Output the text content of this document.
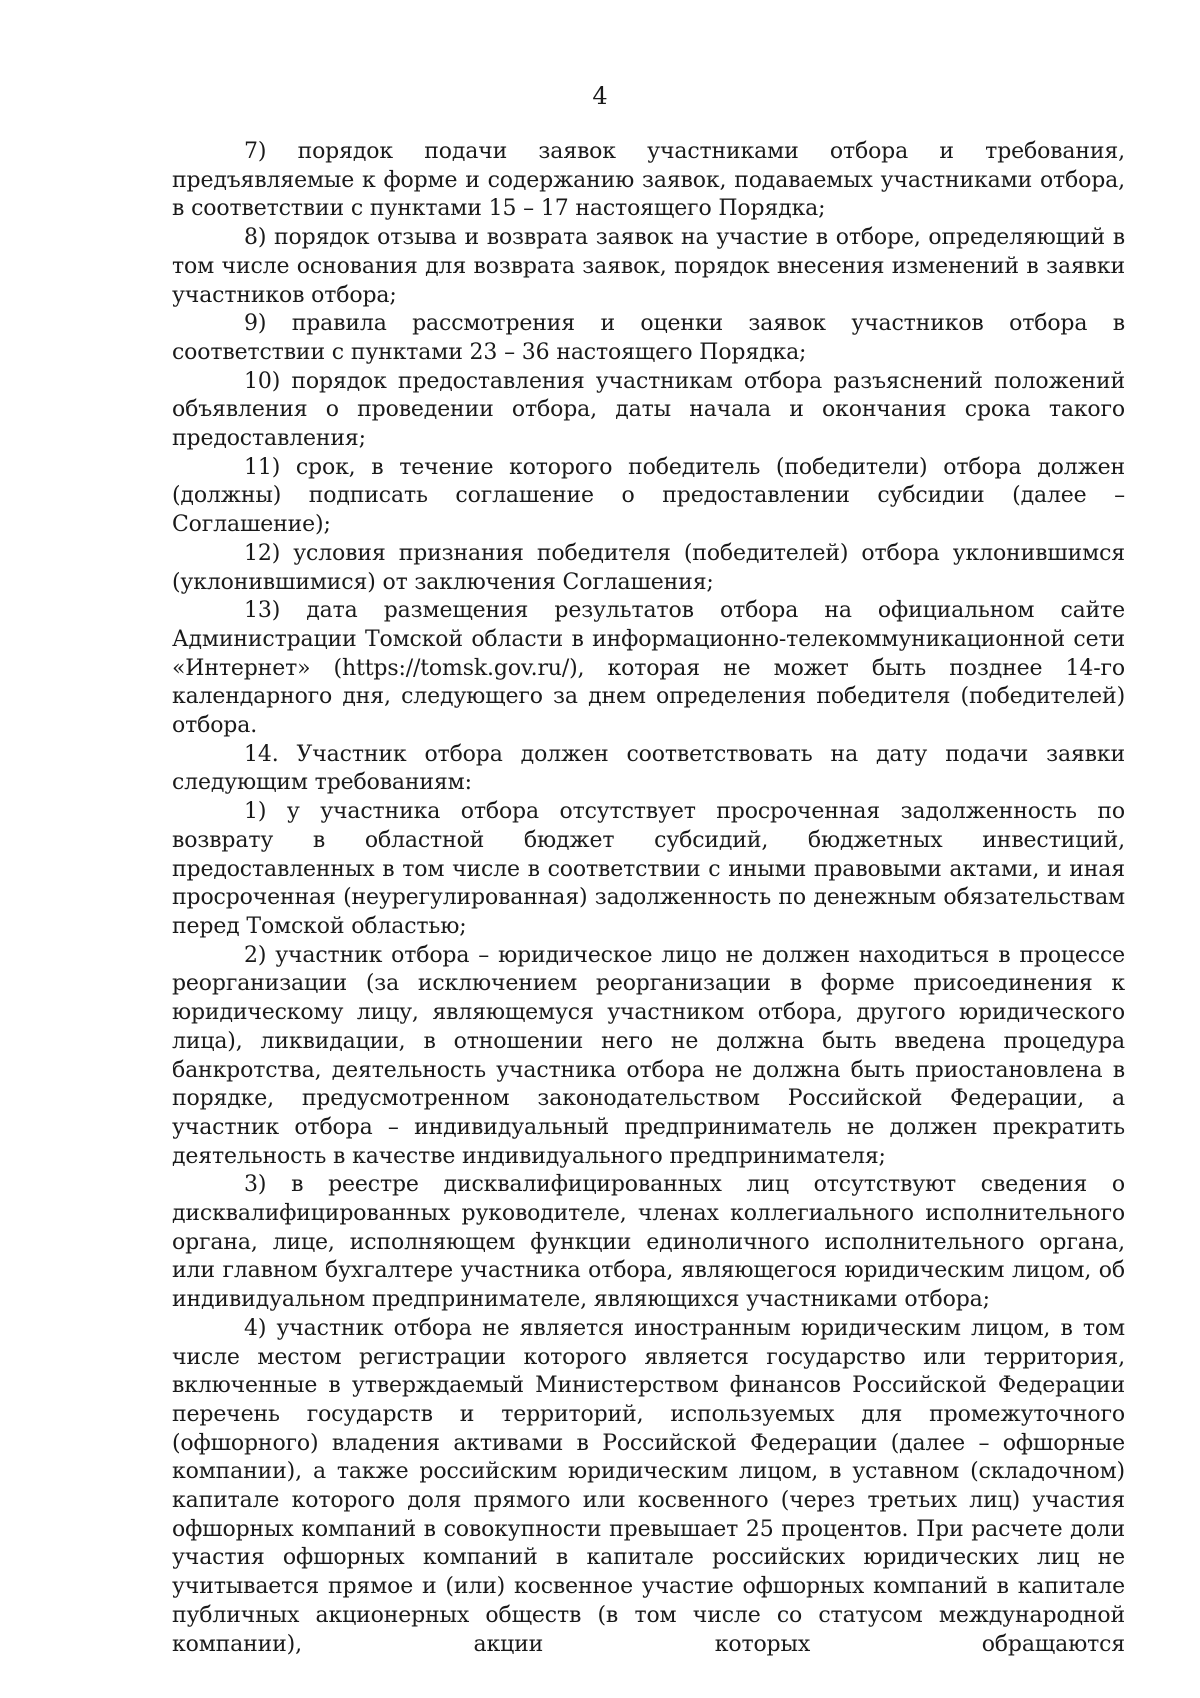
4

7) порядок подачи заявок участниками отбора и требования, предъявляемые к форме и содержанию заявок, подаваемых участниками отбора, в соответствии с пунктами 15 – 17 настоящего Порядка;

8) порядок отзыва и возврата заявок на участие в отборе, определяющий в том числе основания для возврата заявок, порядок внесения изменений в заявки участников отбора;

9) правила рассмотрения и оценки заявок участников отбора в соответствии с пунктами 23 – 36 настоящего Порядка;

10) порядок предоставления участникам отбора разъяснений положений объявления о проведении отбора, даты начала и окончания срока такого предоставления;

11) срок, в течение которого победитель (победители) отбора должен (должны) подписать соглашение о предоставлении субсидии (далее – Соглашение);

12) условия признания победителя (победителей) отбора уклонившимся (уклонившимися) от заключения Соглашения;

13) дата размещения результатов отбора на официальном сайте Администрации Томской области в информационно-телекоммуникационной сети «Интернет» (https://tomsk.gov.ru/), которая не может быть позднее 14-го календарного дня, следующего за днем определения победителя (победителей) отбора.

14. Участник отбора должен соответствовать на дату подачи заявки следующим требованиям:

1) у участника отбора отсутствует просроченная задолженность по возврату в областной бюджет субсидий, бюджетных инвестиций, предоставленных в том числе в соответствии с иными правовыми актами, и иная просроченная (неурегулированная) задолженность по денежным обязательствам перед Томской областью;

2) участник отбора – юридическое лицо не должен находиться в процессе реорганизации (за исключением реорганизации в форме присоединения к юридическому лицу, являющемуся участником отбора, другого юридического лица), ликвидации, в отношении него не должна быть введена процедура банкротства, деятельность участника отбора не должна быть приостановлена в порядке, предусмотренном законодательством Российской Федерации, а участник отбора – индивидуальный предприниматель не должен прекратить деятельность в качестве индивидуального предпринимателя;

3) в реестре дисквалифицированных лиц отсутствуют сведения о дисквалифицированных руководителе, членах коллегиального исполнительного органа, лице, исполняющем функции единоличного исполнительного органа, или главном бухгалтере участника отбора, являющегося юридическим лицом, об индивидуальном предпринимателе, являющихся участниками отбора;

4) участник отбора не является иностранным юридическим лицом, в том числе местом регистрации которого является государство или территория, включенные в утверждаемый Министерством финансов Российской Федерации перечень государств и территорий, используемых для промежуточного (офшорного) владения активами в Российской Федерации (далее – офшорные компании), а также российским юридическим лицом, в уставном (складочном) капитале которого доля прямого или косвенного (через третьих лиц) участия офшорных компаний в совокупности превышает 25 процентов. При расчете доли участия офшорных компаний в капитале российских юридических лиц не учитывается прямое и (или) косвенное участие офшорных компаний в капитале публичных акционерных обществ (в том числе со статусом международной компании), акции которых обращаются
